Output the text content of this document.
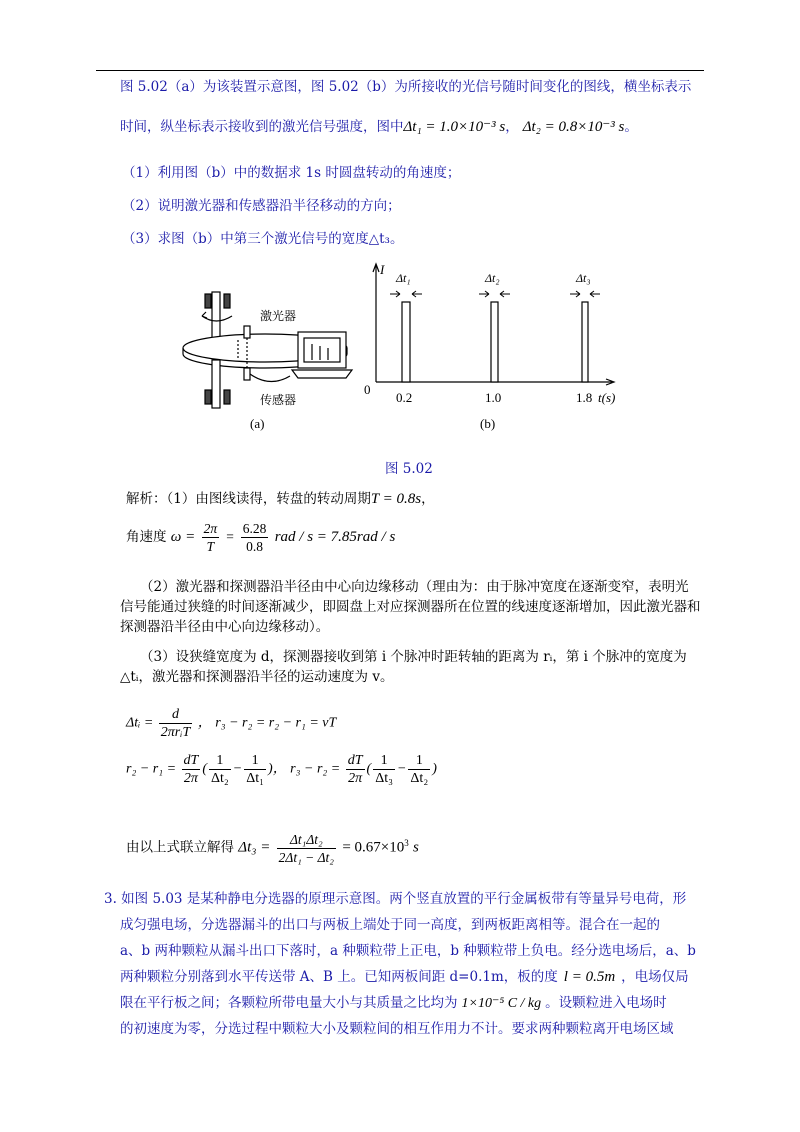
图 5.02（a）为该装置示意图，图 5.02（b）为所接收的光信号随时间变化的图线，横坐标表示
时间，纵坐标表示接收到的激光信号强度，图中Δt₁ = 1.0×10⁻³ s， Δt₂ = 0.8×10⁻³ s。
（1）利用图（b）中的数据求 1s 时圆盘转动的角速度；
（2）说明激光器和传感器沿半径移动的方向；
（3）求图（b）中第三个激光信号的宽度△t₃。
激光器
传感器
(a)
Δt₁
0.2
Δt₂
1.0
Δt₃
1.8
I
0
t(s)
(b)
图 5.02
解析：（1）由图线读得，转盘的转动周期T = 0.8s，
角速度 $\omega = \frac{2\pi}{T} = \frac{6.28}{0.8}$ rad / s = 7.85rad / s
（2）激光器和探测器沿半径由中心向边缘移动（理由为：由于脉冲宽度在逐渐变窄，表明光
信号能通过狭缝的时间逐渐减少，即圆盘上对应探测器所在位置的线速度逐渐增加，因此激光器和
探测器沿半径由中心向边缘移动）。
（3）设狭缝宽度为 d，探测器接收到第 i 个脉冲时距转轴的距离为 rᵢ，第 i 个脉冲的宽度为
△tᵢ，激光器和探测器沿半径的运动速度为 v。
Δtᵢ = $\frac{d}{\text{2πrᵢT}}$ ， r₃ − r₂ = r₂ − r₁ = vT
$r_2 - r_1 = \frac{dT}{2\pi}$ ( $\frac{1}{\text{Δt₂}} - \frac{1}{\text{Δt₁}}$ )， $r_3 - r_2 = \frac{dT}{2\pi}$ ( $\frac{1}{\text{Δt₃}} - \frac{1}{\text{Δt₂}}$ )
由以上式联立解得 $\Delta t_3 = \frac{\text{Δt₁Δt₂}}{\text{2Δt₁ − Δt₂}} = 0.67\times 10^3$ s
3. 如图 5.03 是某种静电分选器的原理示意图。两个竖直放置的平行金属板带有等量异号电荷，形
成匀强电场，分选器漏斗的出口与两板上端处于同一高度，到两板距离相等。混合在一起的
a、b 两种颗粒从漏斗出口下落时，a 种颗粒带上正电，b 种颗粒带上负电。经分选电场后，a、b
两种颗粒分别落到水平传送带 A、B 上。已知两板间距 d=0.1m，板的度 l = 0.5m ，电场仅局
限在平行板之间；各颗粒所带电量大小与其质量之比均为 1×10⁻⁵ C / kg 。设颗粒进入电场时
的初速度为零，分选过程中颗粒大小及颗粒间的相互作用力不计。要求两种颗粒离开电场区域
